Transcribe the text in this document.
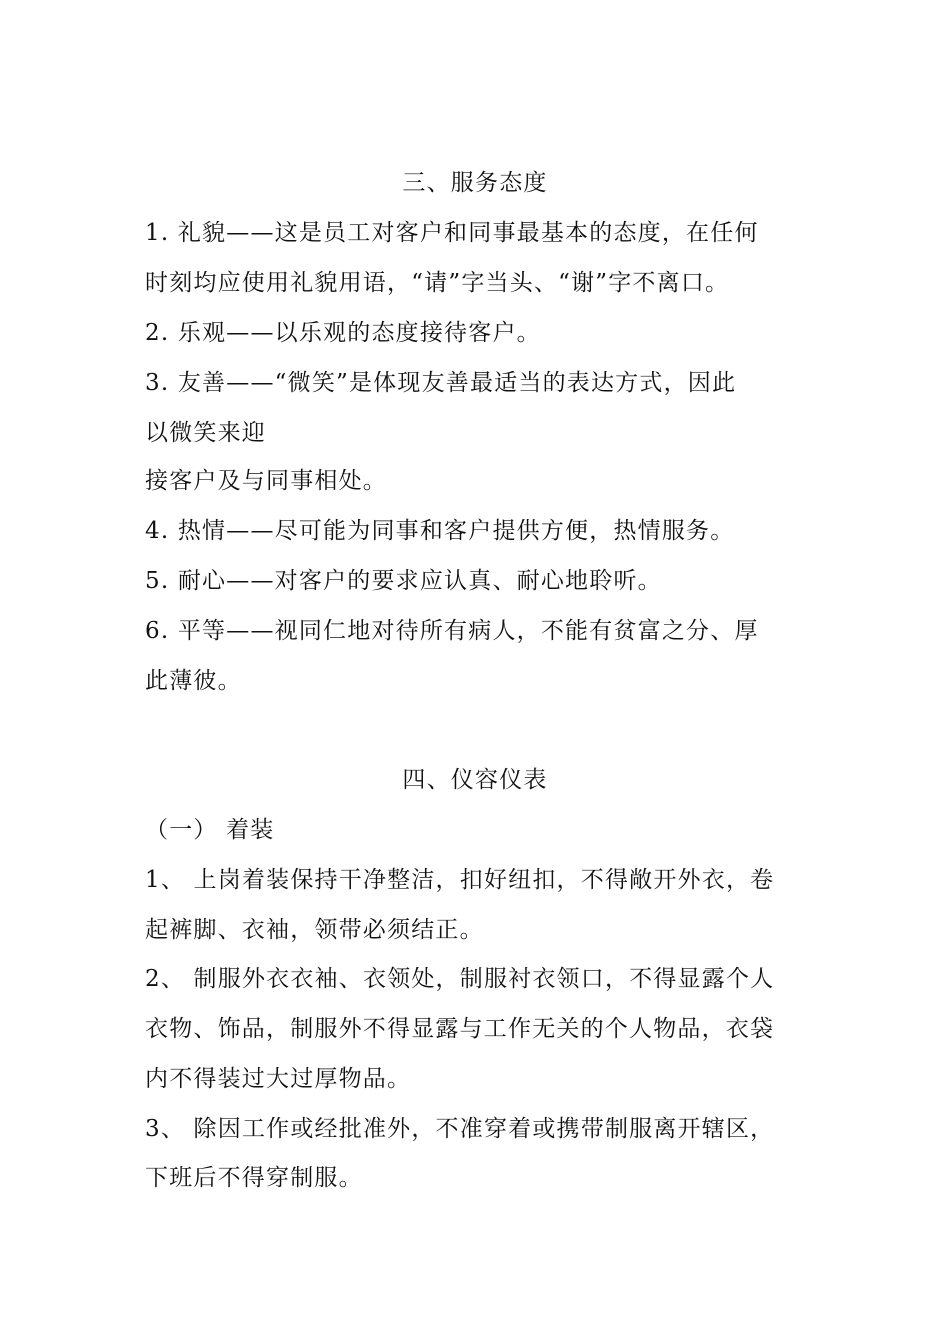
三、服务态度
1. 礼貌——这是员工对客户和同事最基本的态度，在任何
时刻均应使用礼貌用语，“请”字当头、“谢”字不离口。
2. 乐观——以乐观的态度接待客户。
3. 友善——“微笑”是体现友善最适当的表达方式，因此
以微笑来迎
接客户及与同事相处。
4. 热情——尽可能为同事和客户提供方便，热情服务。
5. 耐心——对客户的要求应认真、耐心地聆听。
6. 平等——视同仁地对待所有病人，不能有贫富之分、厚
此薄彼。
四、仪容仪表
（一） 着装
1、 上岗着装保持干净整洁，扣好纽扣，不得敞开外衣，卷
起裤脚、衣袖，领带必须结正。
2、 制服外衣衣袖、衣领处，制服衬衣领口，不得显露个人
衣物、饰品，制服外不得显露与工作无关的个人物品，衣袋
内不得装过大过厚物品。
3、 除因工作或经批准外，不准穿着或携带制服离开辖区，
下班后不得穿制服。
